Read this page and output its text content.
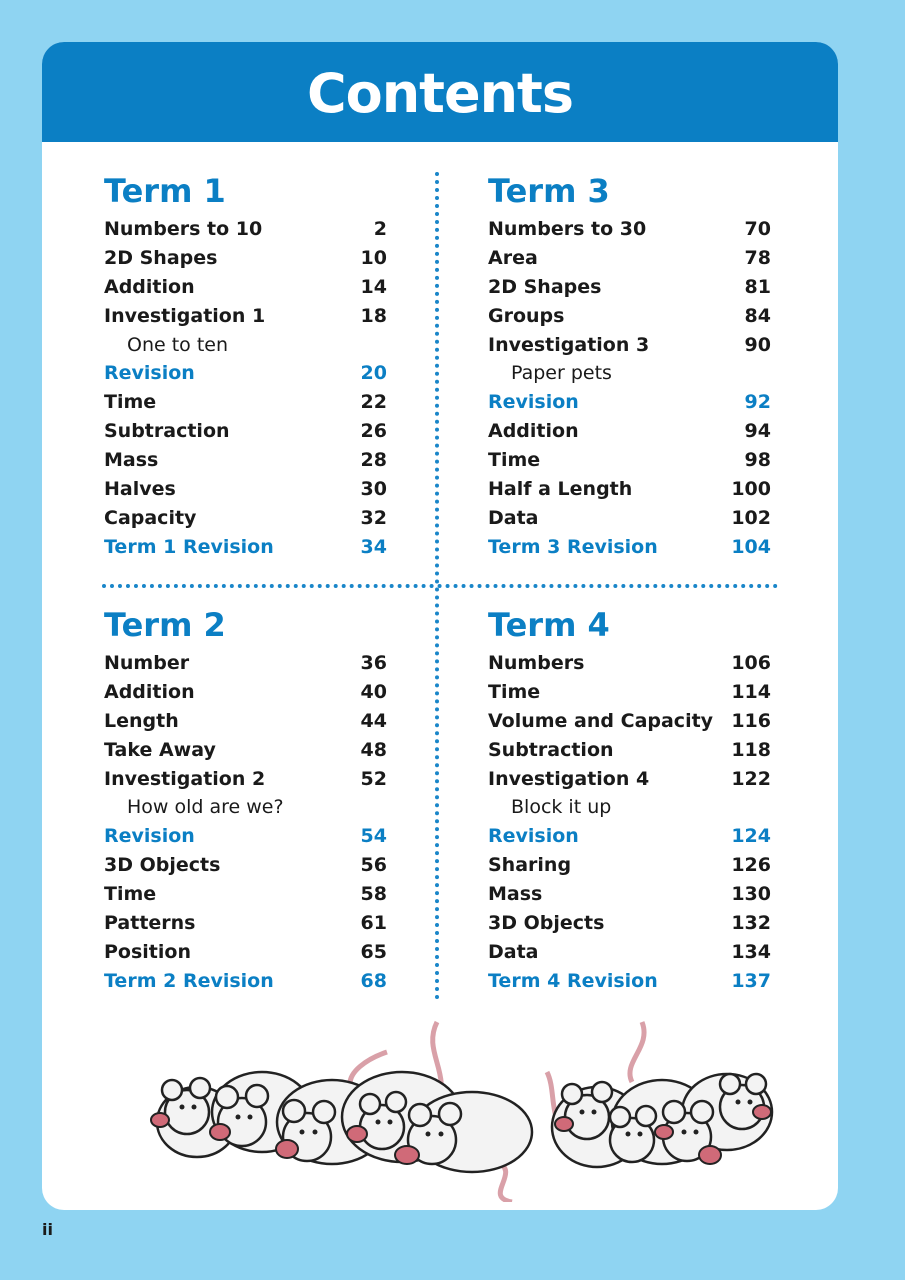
Contents
Term 1
Numbers to 10	2
2D Shapes	10
Addition	14
Investigation 1	18
One to ten
Revision	20
Time	22
Subtraction	26
Mass	28
Halves	30
Capacity	32
Term 1 Revision	34
Term 3
Numbers to 30	70
Area	78
2D Shapes	81
Groups	84
Investigation 3	90
Paper pets
Revision	92
Addition	94
Time	98
Half a Length	100
Data	102
Term 3 Revision	104
Term 2
Number	36
Addition	40
Length	44
Take Away	48
Investigation 2	52
How old are we?
Revision	54
3D Objects	56
Time	58
Patterns	61
Position	65
Term 2 Revision	68
Term 4
Numbers	106
Time	114
Volume and Capacity 116
Subtraction	118
Investigation 4	122
Block it up
Revision	124
Sharing	126
Mass	130
3D Objects	132
Data	134
Term 4 Revision	137
ii
